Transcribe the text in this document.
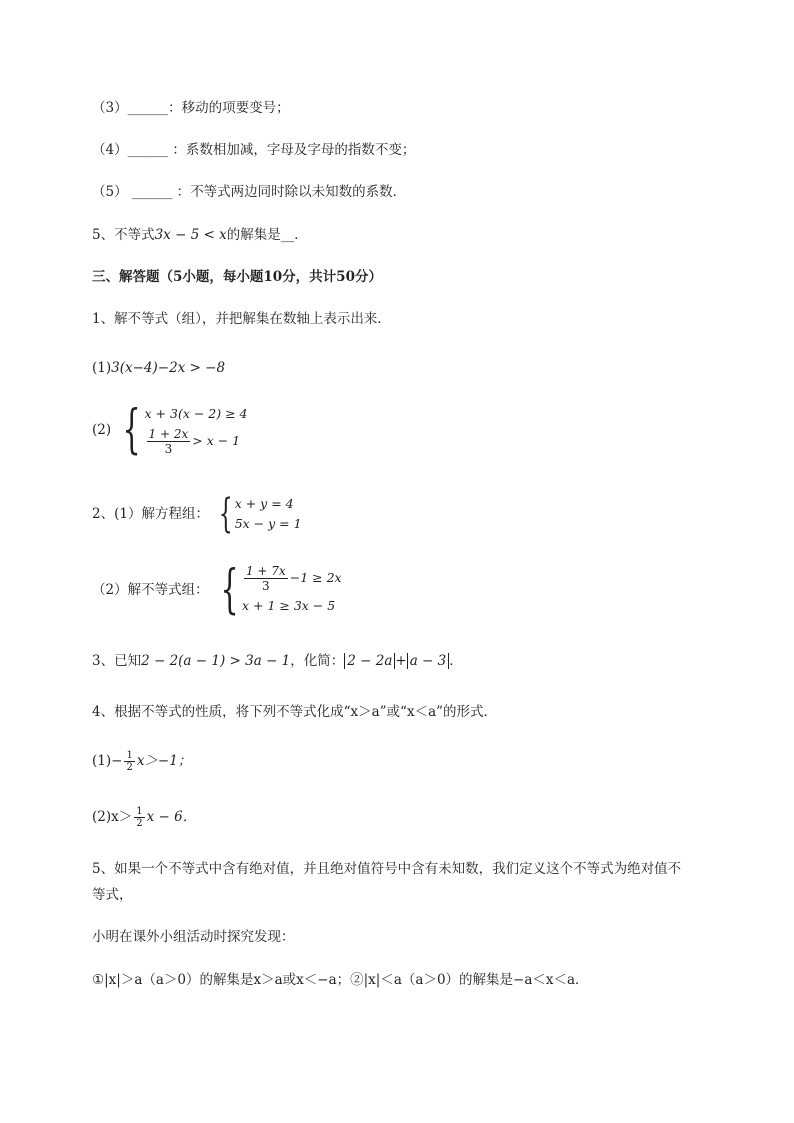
（3）______：移动的项要变号；
（4）______ ：系数相加减，字母及字母的指数不变；
（5） ______ ：不等式两边同时除以未知数的系数．
5、不等式3x − 5 < x的解集是__．
三、解答题（5小题，每小题10分，共计50分）
1、解不等式（组），并把解集在数轴上表示出来．
(1)3(x−4)−2x > −8
(2) { x + 3(x − 2) ≥ 4
$\frac{1 + 2x}{3} > x - 1$
2、(1）解方程组： { x + y = 4
5x − y = 1
（2）解不等式组： { $\frac{1 + 7x}{3} -1 \ge 2x$
x + 1 ≥ 3x − 5
3、已知2 − 2(a − 1) > 3a − 1，化简： 2 − 2a + a − 3 ．
4、根据不等式的性质，将下列不等式化成“x＞a”或“x＜a”的形式．
$(1)- \frac{1}{2} x>-1$；
$(2)x> \frac{1}{2}$ x − 6．
5、如果一个不等式中含有绝对值，并且绝对值符号中含有未知数，我们定义这个不等式为绝对值不
等式，
小明在课外小组活动时探究发现：
①|x|＞a（a＞0）的解集是x＞a或x＜−a；②|x|＜a（a＞0）的解集是−a＜x＜a．
